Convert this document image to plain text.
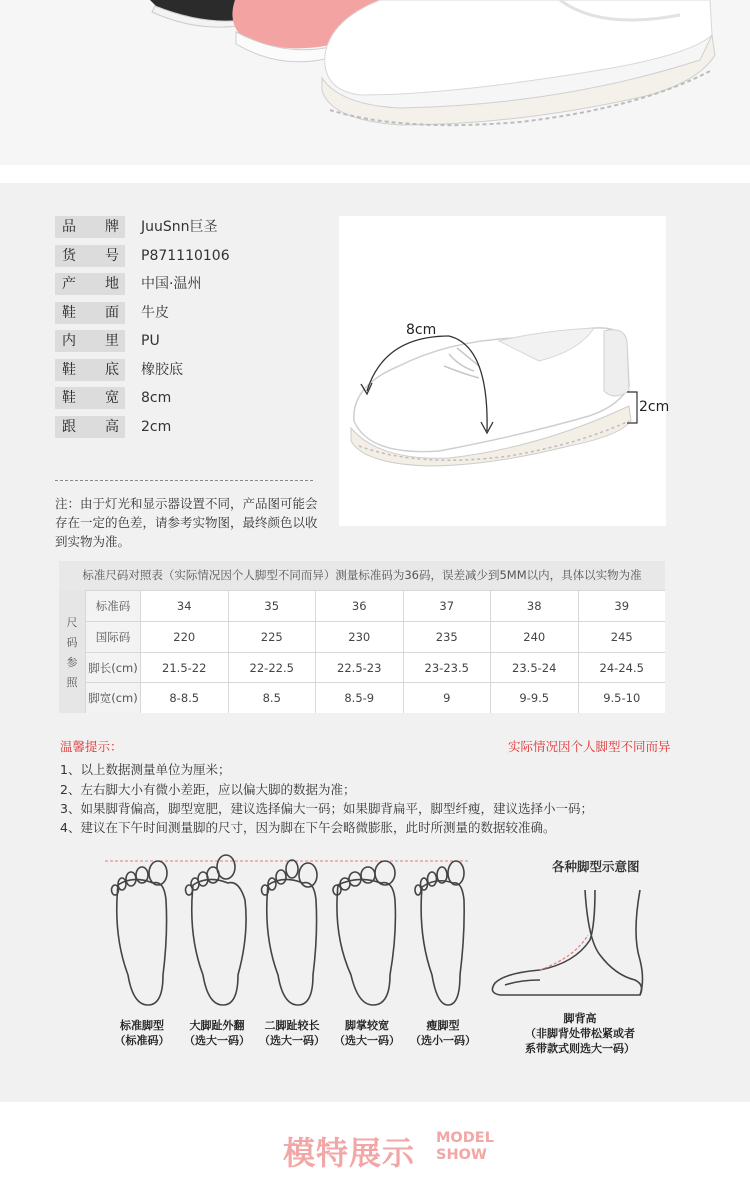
品 牌 JuuSnn巨圣
货 号 P871110106
产 地 中国·温州
鞋 面 牛皮
内 里 PU
鞋 底 橡胶底
鞋 宽 8cm
跟 高 2cm
注：由于灯光和显示器设置不同，产品图可能会存在一定的色差，请参考实物图，最终颜色以收到实物为准。
8cm
2cm
标准尺码对照表（实际情况因个人脚型不同而异）测量标准码为36码，误差减少到5MM以内，具体以实物为准
尺
码
参
照
标准码	34	35	36	37	38	39
国际码	220	225	230	235	240	245
脚长(cm)	21.5-22	22-22.5	22.5-23	23-23.5	23.5-24	24-24.5
脚宽(cm)	8-8.5	8.5	8.5-9	9	9-9.5	9.5-10
温馨提示：	实际情况因个人脚型不同而异
1、以上数据测量单位为厘米；
2、左右脚大小有微小差距，应以偏大脚的数据为准；
3、如果脚背偏高，脚型宽肥，建议选择偏大一码；如果脚背扁平，脚型纤瘦，建议选择小一码；
4、建议在下午时间测量脚的尺寸，因为脚在下午会略微膨胀，此时所测量的数据较准确。
标准脚型
（标准码）
大脚趾外翻
（选大一码）
二脚趾较长
（选大一码）
脚掌较宽
（选大一码）
瘦脚型
（选小一码）
各种脚型示意图
脚背高
（非脚背处带松紧或者
系带款式则选大一码）
模特展示 MODEL
SHOW
